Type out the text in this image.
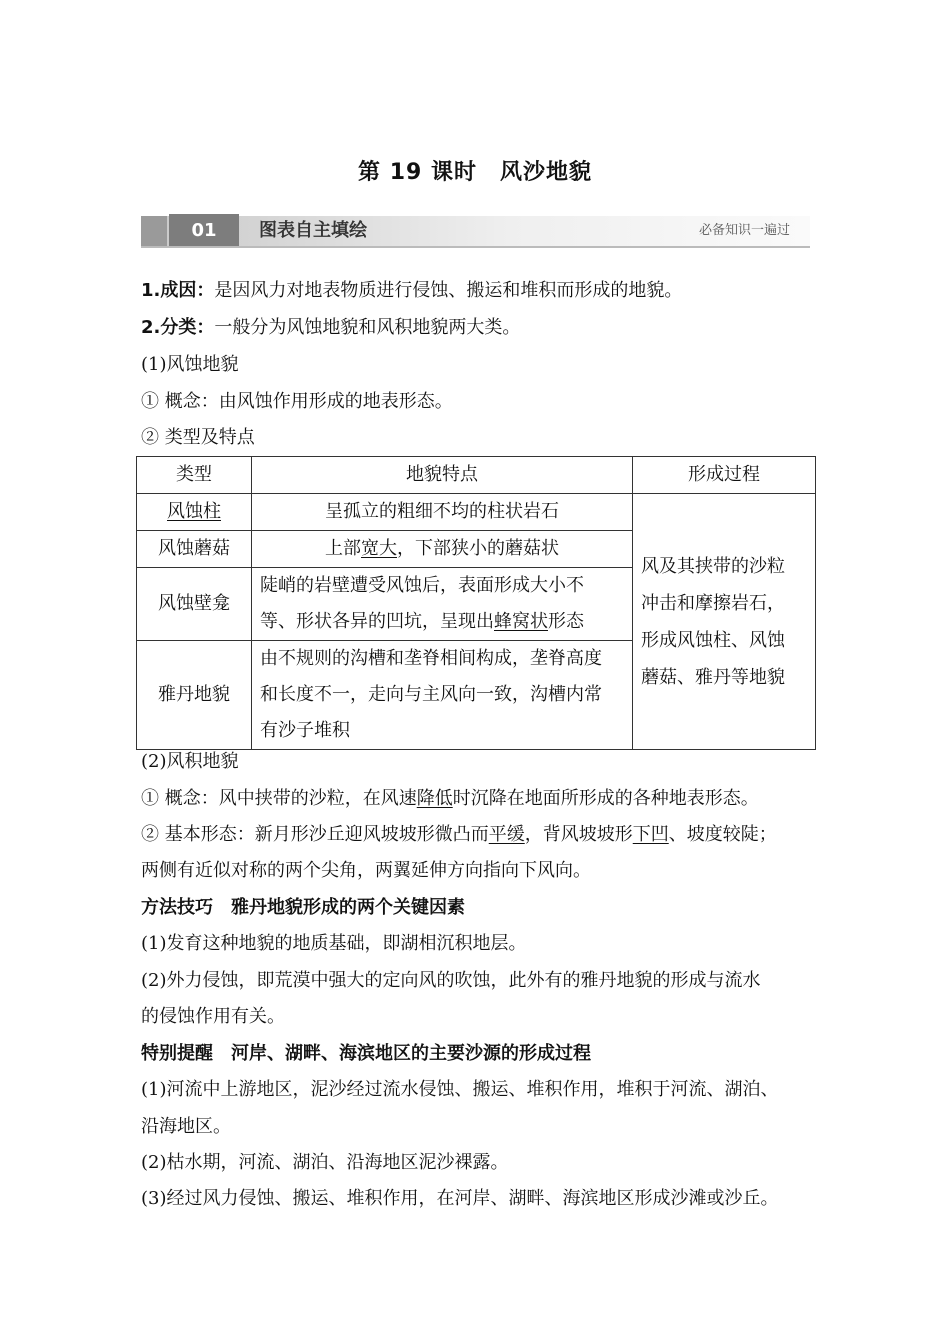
第 19 课时　风沙地貌
01	图表自主填绘	必备知识一遍过
1.成因：是因风力对地表物质进行侵蚀、搬运和堆积而形成的地貌。
2.分类：一般分为风蚀地貌和风积地貌两大类。
(1)风蚀地貌
① 概念：由风蚀作用形成的地表形态。
② 类型及特点
类型	地貌特点	形成过程
风蚀柱	呈孤立的粗细不均的柱状岩石	风及其挟带的沙粒
冲击和摩擦岩石，
形成风蚀柱、风蚀
蘑菇、雅丹等地貌

风蚀蘑菇	上部宽大，下部狭小的蘑菇状	
风蚀壁龛	陡峭的岩壁遭受风蚀后，表面形成大小不
等、形状各异的凹坑，呈现出蜂窝状形态	

雅丹地貌	由不规则的沟槽和垄脊相间构成，垄脊高度
和长度不一，走向与主风向一致，沟槽内常
有沙子堆积	
(2)风积地貌
① 概念：风中挟带的沙粒，在风速降低时沉降在地面所形成的各种地表形态。
② 基本形态：新月形沙丘迎风坡坡形微凸而平缓，背风坡坡形下凹、坡度较陡；
两侧有近似对称的两个尖角，两翼延伸方向指向下风向。
方法技巧　雅丹地貌形成的两个关键因素
(1)发育这种地貌的地质基础，即湖相沉积地层。
(2)外力侵蚀，即荒漠中强大的定向风的吹蚀，此外有的雅丹地貌的形成与流水
的侵蚀作用有关。
特别提醒　河岸、湖畔、海滨地区的主要沙源的形成过程
(1)河流中上游地区，泥沙经过流水侵蚀、搬运、堆积作用，堆积于河流、湖泊、
沿海地区。
(2)枯水期，河流、湖泊、沿海地区泥沙裸露。
(3)经过风力侵蚀、搬运、堆积作用，在河岸、湖畔、海滨地区形成沙滩或沙丘。
